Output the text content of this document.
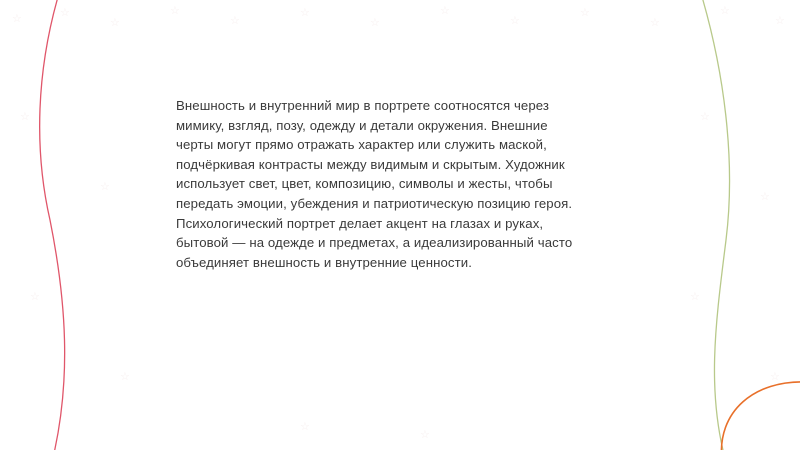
☆	☆
☆
☆
☆
☆
☆
☆
☆
☆
☆
☆
☆
☆
☆
☆
☆
☆
☆
☆
☆
☆
☆
Внешность и внутренний мир в портрете соотносятся через мимику, взгляд, позу, одежду и детали окружения. Внешние черты могут прямо отражать характер или служить маской, подчёркивая контрасты между видимым и скрытым. Художник использует свет, цвет, композицию, символы и жесты, чтобы передать эмоции, убеждения и патриотическую позицию героя. Психологический портрет делает акцент на глазах и руках, бытовой — на одежде и предметах, а идеализированный часто объединяет внешность и внутренние ценности.
